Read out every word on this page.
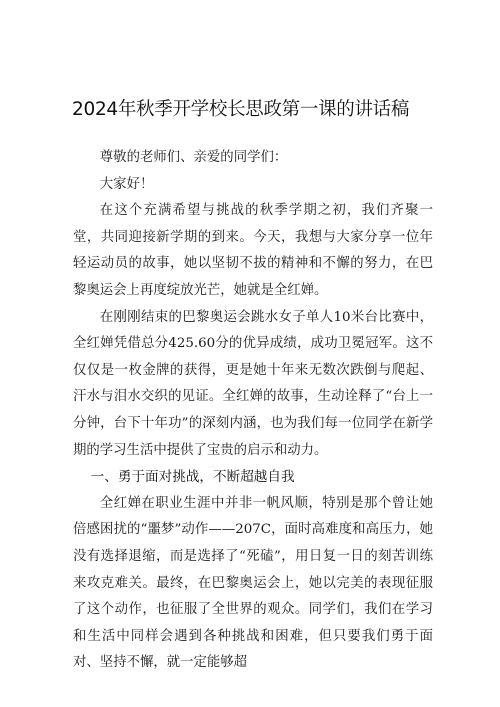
2024年秋季开学校长思政第一课的讲话稿

尊敬的老师们、亲爱的同学们：

大家好！

在这个充满希望与挑战的秋季学期之初，我们齐聚一堂，共同迎接新学期的到来。今天，我想与大家分享一位年轻运动员的故事，她以坚韧不拔的精神和不懈的努力，在巴黎奥运会上再度绽放光芒，她就是全红婵。

在刚刚结束的巴黎奥运会跳水女子单人10米台比赛中，全红婵凭借总分425.60分的优异成绩，成功卫冕冠军。这不仅仅是一枚金牌的获得，更是她十年来无数次跌倒与爬起、汗水与泪水交织的见证。全红婵的故事，生动诠释了“台上一分钟，台下十年功”的深刻内涵，也为我们每一位同学在新学期的学习生活中提供了宝贵的启示和动力。

一、勇于面对挑战，不断超越自我

全红婵在职业生涯中并非一帆风顺，特别是那个曾让她倍感困扰的“噩梦”动作——207C，面时高难度和高压力，她没有选择退缩，而是选择了“死磕”，用日复一日的刻苦训练来攻克难关。最终，在巴黎奥运会上，她以完美的表现征服了这个动作，也征服了全世界的观众。同学们，我们在学习和生活中同样会遇到各种挑战和困难，但只要我们勇于面对、坚持不懈，就一定能够超
